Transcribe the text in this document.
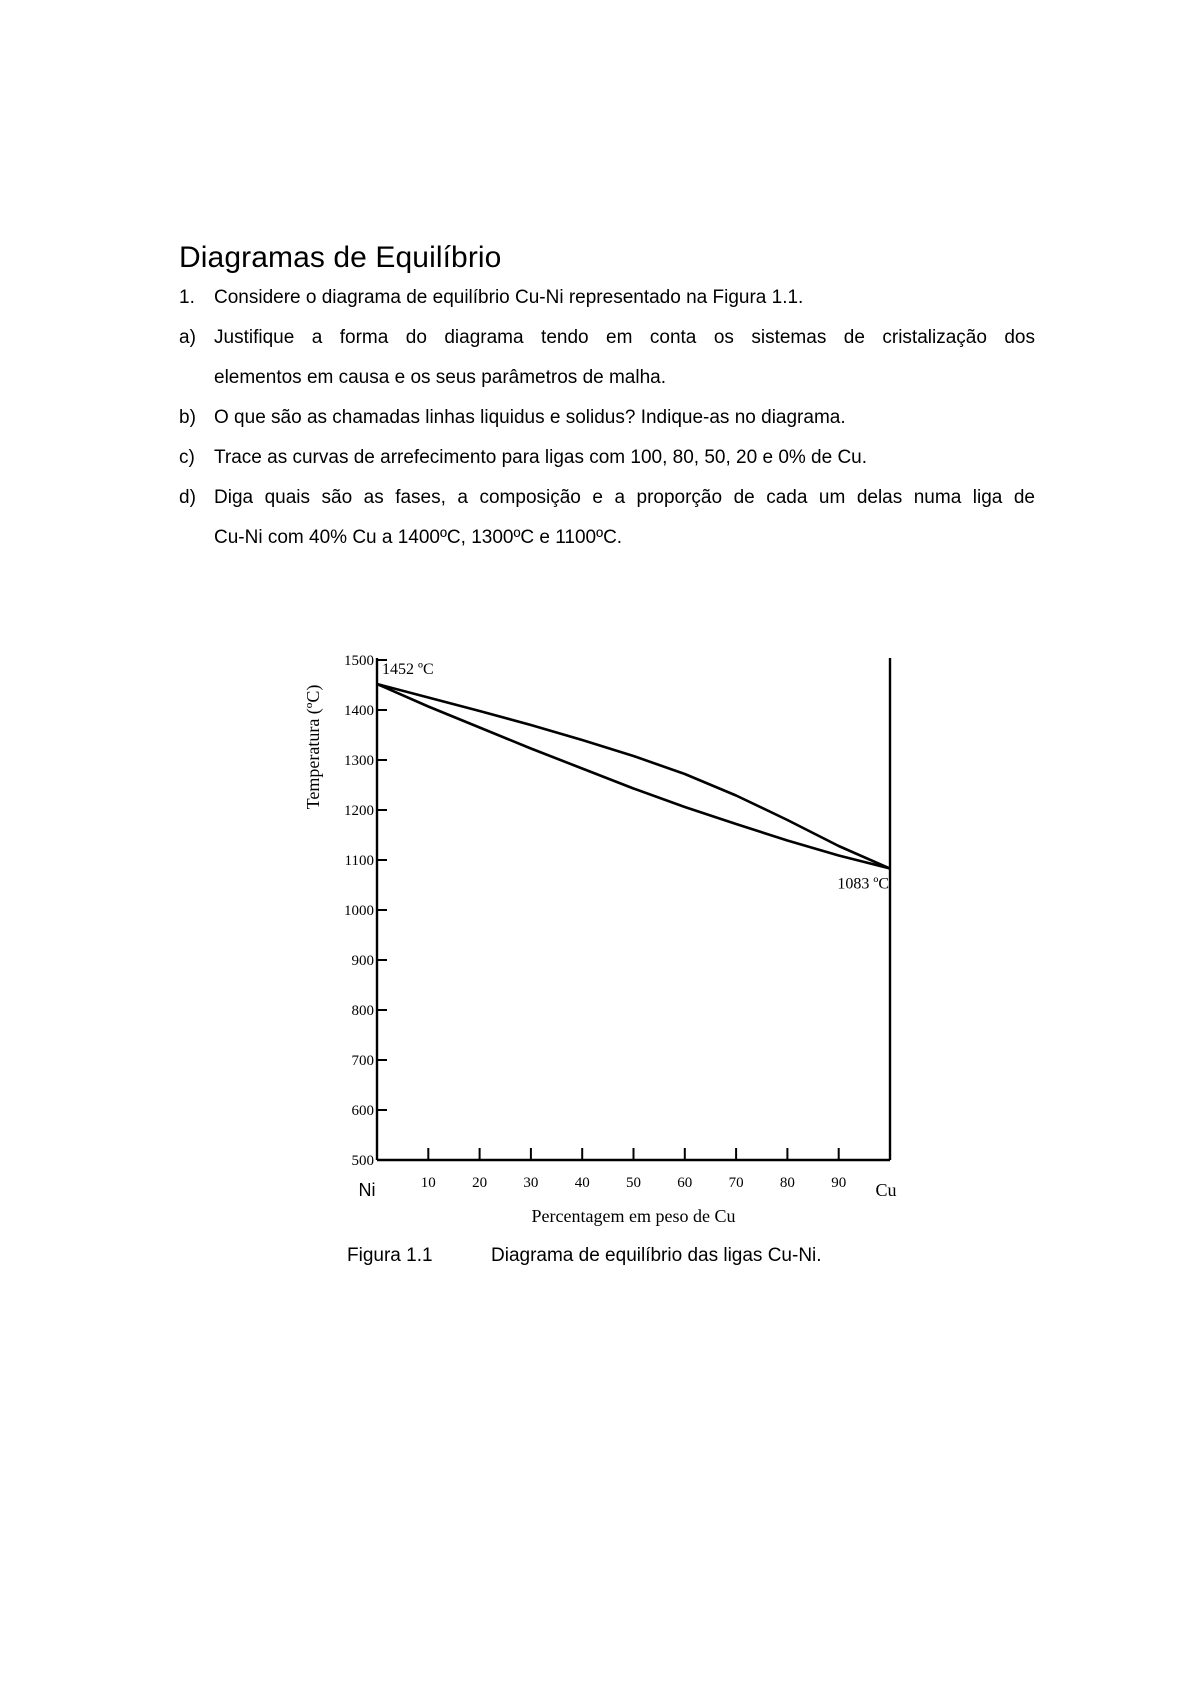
Diagramas de Equilíbrio
1.	Considere o diagrama de equilíbrio Cu-Ni representado na Figura 1.1.
a) Justifique a forma do diagrama tendo em conta os sistemas de cristalização dos
elementos em causa e os seus parâmetros de malha.
b) O que são as chamadas linhas liquidus e solidus? Indique-as no diagrama.
c)	Trace as curvas de arrefecimento para ligas com 100, 80, 50, 20 e 0% de Cu.
d) Diga quais são as fases, a composição e a proporção de cada um delas numa liga de
Cu-Ni com 40% Cu a 1400ºC, 1300ºC e 1100ºC.
500
600
700
800
900
1000
1100
1200
1300
1400
1500
10 20 30 40 50 60 70 80 90
Ni	Cu
Percentagem em peso de Cu
Temperatura (ºC)
1452 ºC
1083 ºC
Figura 1.1	Diagrama de equilíbrio das ligas Cu-Ni.
